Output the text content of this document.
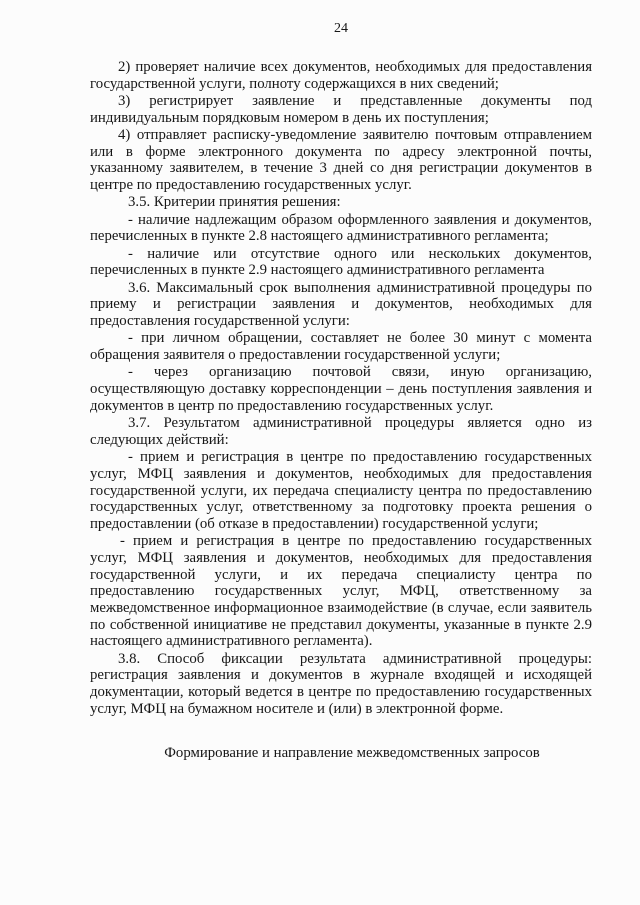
24

2) проверяет наличие всех документов, необходимых для предоставления государственной услуги, полноту содержащихся в них сведений;

3) регистрирует заявление и представленные документы под индивидуальным порядковым номером в день их поступления;

4) отправляет расписку-уведомление заявителю почтовым отправлением или в форме электронного документа по адресу электронной почты, указанному заявителем, в течение 3 дней со дня регистрации документов в центре по предоставлению государственных услуг.

3.5. Критерии принятия решения:

- наличие надлежащим образом оформленного заявления и документов, перечисленных в пункте 2.8 настоящего административного регламента;

- наличие или отсутствие одного или нескольких документов, перечисленных в пункте 2.9 настоящего административного регламента

3.6. Максимальный срок выполнения административной процедуры по приему и регистрации заявления и документов, необходимых для предоставления государственной услуги:

- при личном обращении, составляет не более 30 минут с момента обращения заявителя о предоставлении государственной услуги;

- через организацию почтовой связи, иную организацию, осуществляющую доставку корреспонденции – день поступления заявления и документов в центр по предоставлению государственных услуг.

3.7. Результатом административной процедуры является одно из следующих действий:

- прием и регистрация в центре по предоставлению государственных услуг, МФЦ заявления и документов, необходимых для предоставления государственной услуги, их передача специалисту центра по предоставлению государственных услуг, ответственному за подготовку проекта решения о предоставлении (об отказе в предоставлении) государственной услуги;

- прием и регистрация в центре по предоставлению государственных услуг, МФЦ заявления и документов, необходимых для предоставления государственной услуги, и их передача специалисту центра по предоставлению государственных услуг, МФЦ, ответственному за межведомственное информационное взаимодействие (в случае, если заявитель по собственной инициативе не представил документы, указанные в пункте 2.9 настоящего административного регламента).

3.8. Способ фиксации результата административной процедуры: регистрация заявления и документов в журнале входящей и исходящей документации, который ведется в центре по предоставлению государственных услуг, МФЦ на бумажном носителе и (или) в электронной форме.

Формирование и направление межведомственных запросов
